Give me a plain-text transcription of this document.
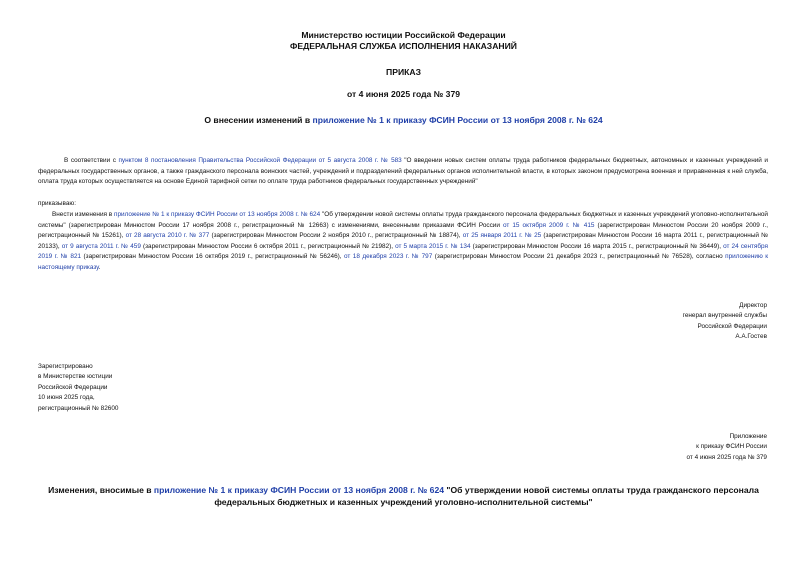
Министерство юстиции Российской Федерации
ФЕДЕРАЛЬНАЯ СЛУЖБА ИСПОЛНЕНИЯ НАКАЗАНИЙ
ПРИКАЗ
от 4 июня 2025 года № 379
О внесении изменений в приложение № 1 к приказу ФСИН России от 13 ноября 2008 г. № 624
В соответствии с пунктом 8 постановления Правительства Российской Федерации от 5 августа 2008 г. № 583 "О введении новых систем оплаты труда работников федеральных бюджетных, автономных и казенных учреждений и федеральных государственных органов, а также гражданского персонала воинских частей, учреждений и подразделений федеральных органов исполнительной власти, в которых законом предусмотрена военная и приравненная к ней служба, оплата труда которых осуществляется на основе Единой тарифной сетки по оплате труда работников федеральных государственных учреждений"
приказываю:
Внести изменения в приложение № 1 к приказу ФСИН России от 13 ноября 2008 г. № 624 "Об утверждении новой системы оплаты труда гражданского персонала федеральных бюджетных и казенных учреждений уголовно-исполнительной системы" (зарегистрирован Минюстом России 17 ноября 2008 г., регистрационный № 12663) с изменениями, внесенными приказами ФСИН России от 15 октября 2009 г. № 415 (зарегистрирован Минюстом России 20 ноября 2009 г., регистрационный № 15261), от 28 августа 2010 г. № 377 (зарегистрирован Минюстом России 2 ноября 2010 г., регистрационный № 18874), от 25 января 2011 г. № 25 (зарегистрирован Минюстом России 16 марта 2011 г., регистрационный № 20133), от 9 августа 2011 г. № 459 (зарегистрирован Минюстом России 6 октября 2011 г., регистрационный № 21982), от 5 марта 2015 г. № 134 (зарегистрирован Минюстом России 16 марта 2015 г., регистрационный № 36449), от 24 сентября 2019 г. № 821 (зарегистрирован Минюстом России 16 октября 2019 г., регистрационный № 56246), от 18 декабря 2023 г. № 797 (зарегистрирован Минюстом России 21 декабря 2023 г., регистрационный № 76528), согласно приложению к настоящему приказу.
Директор
генерал внутренней службы
Российской Федерации
А.А.Гостев
Зарегистрировано
в Министерстве юстиции
Российской Федерации
10 июня 2025 года,
регистрационный № 82600
Приложение
к приказу ФСИН России
от 4 июня 2025 года № 379
Изменения, вносимые в приложение № 1 к приказу ФСИН России от 13 ноября 2008 г. № 624 "Об утверждении новой системы оплаты труда гражданского персонала федеральных бюджетных и казенных учреждений уголовно-исполнительной системы"
